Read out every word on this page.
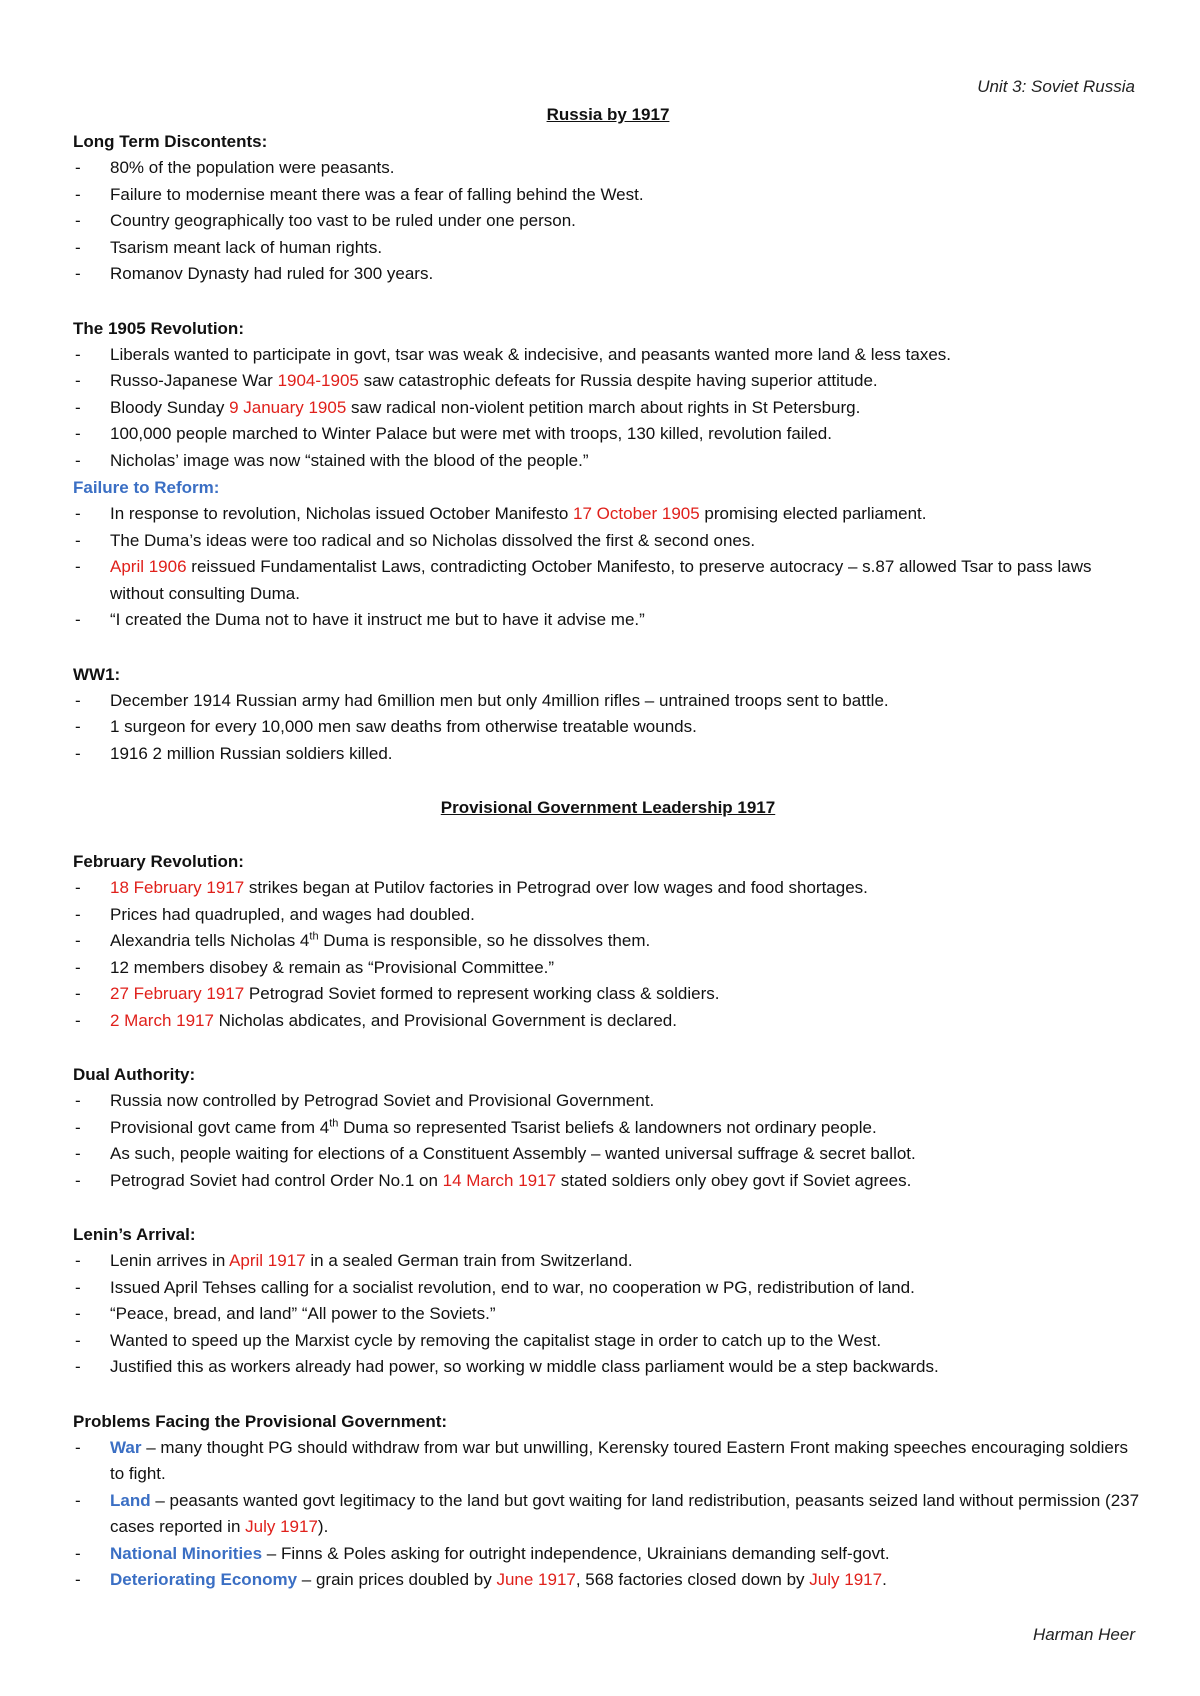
Unit 3: Soviet Russia
Russia by 1917
Long Term Discontents:
- 80% of the population were peasants.
- Failure to modernise meant there was a fear of falling behind the West.
- Country geographically too vast to be ruled under one person.
- Tsarism meant lack of human rights.
- Romanov Dynasty had ruled for 300 years.
The 1905 Revolution:
- Liberals wanted to participate in govt, tsar was weak & indecisive, and peasants wanted more land & less taxes.
- Russo-Japanese War 1904-1905 saw catastrophic defeats for Russia despite having superior attitude.
- Bloody Sunday 9 January 1905 saw radical non-violent petition march about rights in St Petersburg.
- 100,000 people marched to Winter Palace but were met with troops, 130 killed, revolution failed.
- Nicholas’ image was now “stained with the blood of the people.”
Failure to Reform:
- In response to revolution, Nicholas issued October Manifesto 17 October 1905 promising elected parliament.
- The Duma’s ideas were too radical and so Nicholas dissolved the first & second ones.
- April 1906 reissued Fundamentalist Laws, contradicting October Manifesto, to preserve autocracy – s.87 allowed Tsar to pass laws without consulting Duma.
- “I created the Duma not to have it instruct me but to have it advise me.”
WW1:
- December 1914 Russian army had 6million men but only 4million rifles – untrained troops sent to battle.
- 1 surgeon for every 10,000 men saw deaths from otherwise treatable wounds.
- 1916 2 million Russian soldiers killed.
Provisional Government Leadership 1917
February Revolution:
- 18 February 1917 strikes began at Putilov factories in Petrograd over low wages and food shortages.
- Prices had quadrupled, and wages had doubled.
- Alexandria tells Nicholas 4th Duma is responsible, so he dissolves them.
- 12 members disobey & remain as “Provisional Committee.”
- 27 February 1917 Petrograd Soviet formed to represent working class & soldiers.
- 2 March 1917 Nicholas abdicates, and Provisional Government is declared.
Dual Authority:
- Russia now controlled by Petrograd Soviet and Provisional Government.
- Provisional govt came from 4th Duma so represented Tsarist beliefs & landowners not ordinary people.
- As such, people waiting for elections of a Constituent Assembly – wanted universal suffrage & secret ballot.
- Petrograd Soviet had control Order No.1 on 14 March 1917 stated soldiers only obey govt if Soviet agrees.
Lenin’s Arrival:
- Lenin arrives in April 1917 in a sealed German train from Switzerland.
- Issued April Tehses calling for a socialist revolution, end to war, no cooperation w PG, redistribution of land.
- “Peace, bread, and land” “All power to the Soviets.”
- Wanted to speed up the Marxist cycle by removing the capitalist stage in order to catch up to the West.
- Justified this as workers already had power, so working w middle class parliament would be a step backwards.
Problems Facing the Provisional Government:
- War – many thought PG should withdraw from war but unwilling, Kerensky toured Eastern Front making speeches encouraging soldiers to fight.
- Land – peasants wanted govt legitimacy to the land but govt waiting for land redistribution, peasants seized land without permission (237 cases reported in July 1917).
- National Minorities – Finns & Poles asking for outright independence, Ukrainians demanding self-govt.
- Deteriorating Economy – grain prices doubled by June 1917, 568 factories closed down by July 1917.
Harman Heer
